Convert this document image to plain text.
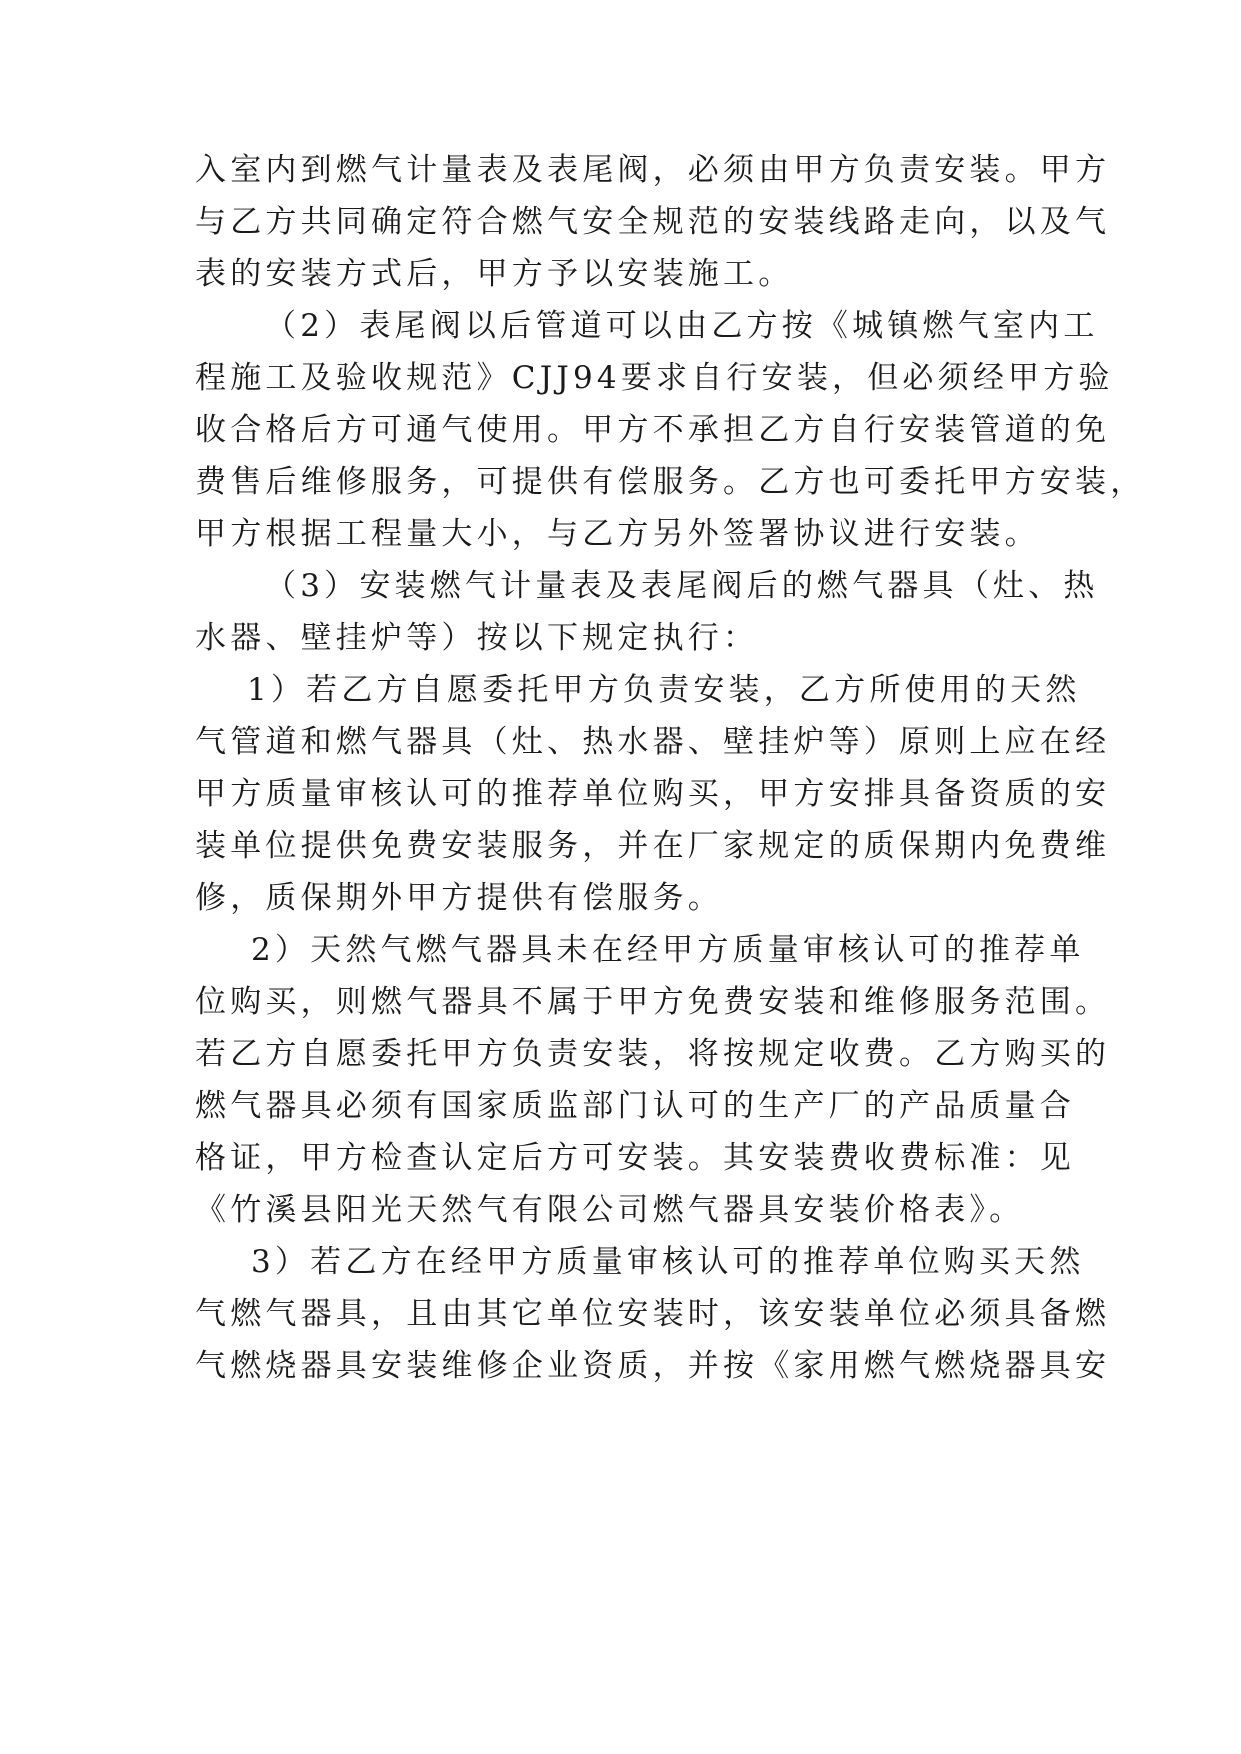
入室内到燃气计量表及表尾阀，必须由甲方负责安装。甲方
与乙方共同确定符合燃气安全规范的安装线路走向，以及气
表的安装方式后，甲方予以安装施工。
（2）表尾阀以后管道可以由乙方按《城镇燃气室内工
程施工及验收规范》CJJ94要求自行安装，但必须经甲方验
收合格后方可通气使用。甲方不承担乙方自行安装管道的免
费售后维修服务，可提供有偿服务。乙方也可委托甲方安装，
甲方根据工程量大小，与乙方另外签署协议进行安装。
（3）安装燃气计量表及表尾阀后的燃气器具（灶、热
水器、壁挂炉等）按以下规定执行：
1）若乙方自愿委托甲方负责安装，乙方所使用的天然
气管道和燃气器具（灶、热水器、壁挂炉等）原则上应在经
甲方质量审核认可的推荐单位购买，甲方安排具备资质的安
装单位提供免费安装服务，并在厂家规定的质保期内免费维
修，质保期外甲方提供有偿服务。
2）天然气燃气器具未在经甲方质量审核认可的推荐单
位购买，则燃气器具不属于甲方免费安装和维修服务范围。
若乙方自愿委托甲方负责安装，将按规定收费。乙方购买的
燃气器具必须有国家质监部门认可的生产厂的产品质量合
格证，甲方检查认定后方可安装。其安装费收费标准：见
《竹溪县阳光天然气有限公司燃气器具安装价格表》。
3）若乙方在经甲方质量审核认可的推荐单位购买天然
气燃气器具，且由其它单位安装时，该安装单位必须具备燃
气燃烧器具安装维修企业资质，并按《家用燃气燃烧器具安
